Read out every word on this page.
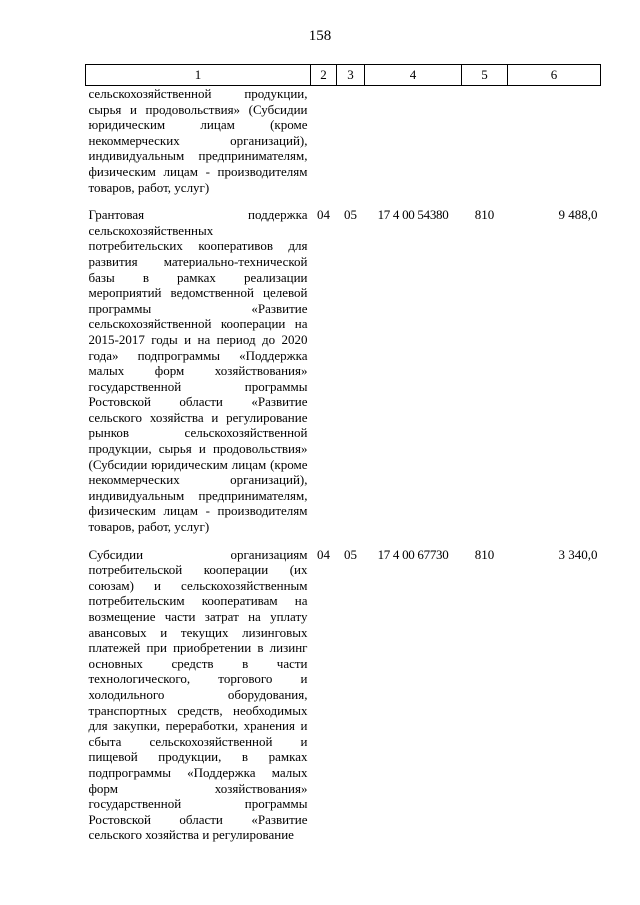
158
1	2	3	4	5	6
сельскохозяйственной продукции, сырья и продовольствия» (Субсидии юридическим лицам (кроме некоммерческих организаций), индивидуальным предпринимателям, физическим лицам - производителям товаров, работ, услуг)					

Грантовая поддержка сельскохозяйственных потребительских кооперативов для развития материально-технической базы в рамках реализации мероприятий ведомственной целевой программы «Развитие сельскохозяйственной кооперации на 2015-2017 годы и на период до 2020 года» подпрограммы «Поддержка малых форм хозяйствования» государственной программы Ростовской области «Развитие сельского хозяйства и регулирование рынков сельскохозяйственной продукции, сырья и продовольствия» (Субсидии юридическим лицам (кроме некоммерческих организаций), индивидуальным предпринимателям, физическим лицам - производителям товаров, работ, услуг)	04	05	17 4 00 54380	810	9 488,0

Субсидии организациям потребительской кооперации (их союзам) и сельскохозяйственным потребительским кооперативам на возмещение части затрат на уплату авансовых и текущих лизинговых платежей при приобретении в лизинг основных средств в части технологического, торгового и холодильного оборудования, транспортных средств, необходимых для закупки, переработки, хранения и сбыта сельскохозяйственной и пищевой продукции, в рамках подпрограммы «Поддержка малых форм хозяйствования» государственной программы Ростовской области «Развитие сельского хозяйства и регулирование	04	05	17 4 00 67730	810	3 340,0
